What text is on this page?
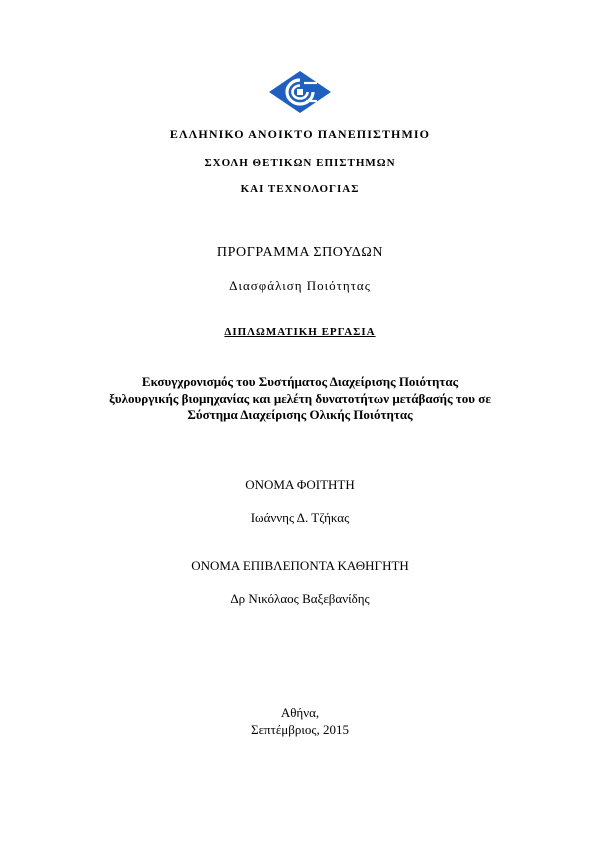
ΕΛΛΗΝΙΚΟ ΑΝΟΙΚΤΟ ΠΑΝΕΠΙΣΤΗΜΙΟ
ΣΧΟΛΗ ΘΕΤΙΚΩΝ ΕΠΙΣΤΗΜΩΝ
ΚΑΙ ΤΕΧΝΟΛΟΓΙΑΣ
ΠΡΟΓΡΑΜΜΑ ΣΠΟΥΔΩΝ
Διασφάλιση Ποιότητας
ΔΙΠΛΩΜΑΤΙΚΗ ΕΡΓΑΣΙΑ
Εκσυγχρονισμός του Συστήματος Διαχείρισης Ποιότητας
ξυλουργικής βιομηχανίας και μελέτη δυνατοτήτων μετάβασής του σε
Σύστημα Διαχείρισης Ολικής Ποιότητας
ΟΝΟΜΑ ΦΟΙΤΗΤΗ
Ιωάννης Δ. Τζήκας
ΟΝΟΜΑ ΕΠΙΒΛΕΠΟΝΤΑ ΚΑΘΗΓΗΤΗ
Δρ Νικόλαος Βαξεβανίδης
Αθήνα,
Σεπτέμβριος, 2015
